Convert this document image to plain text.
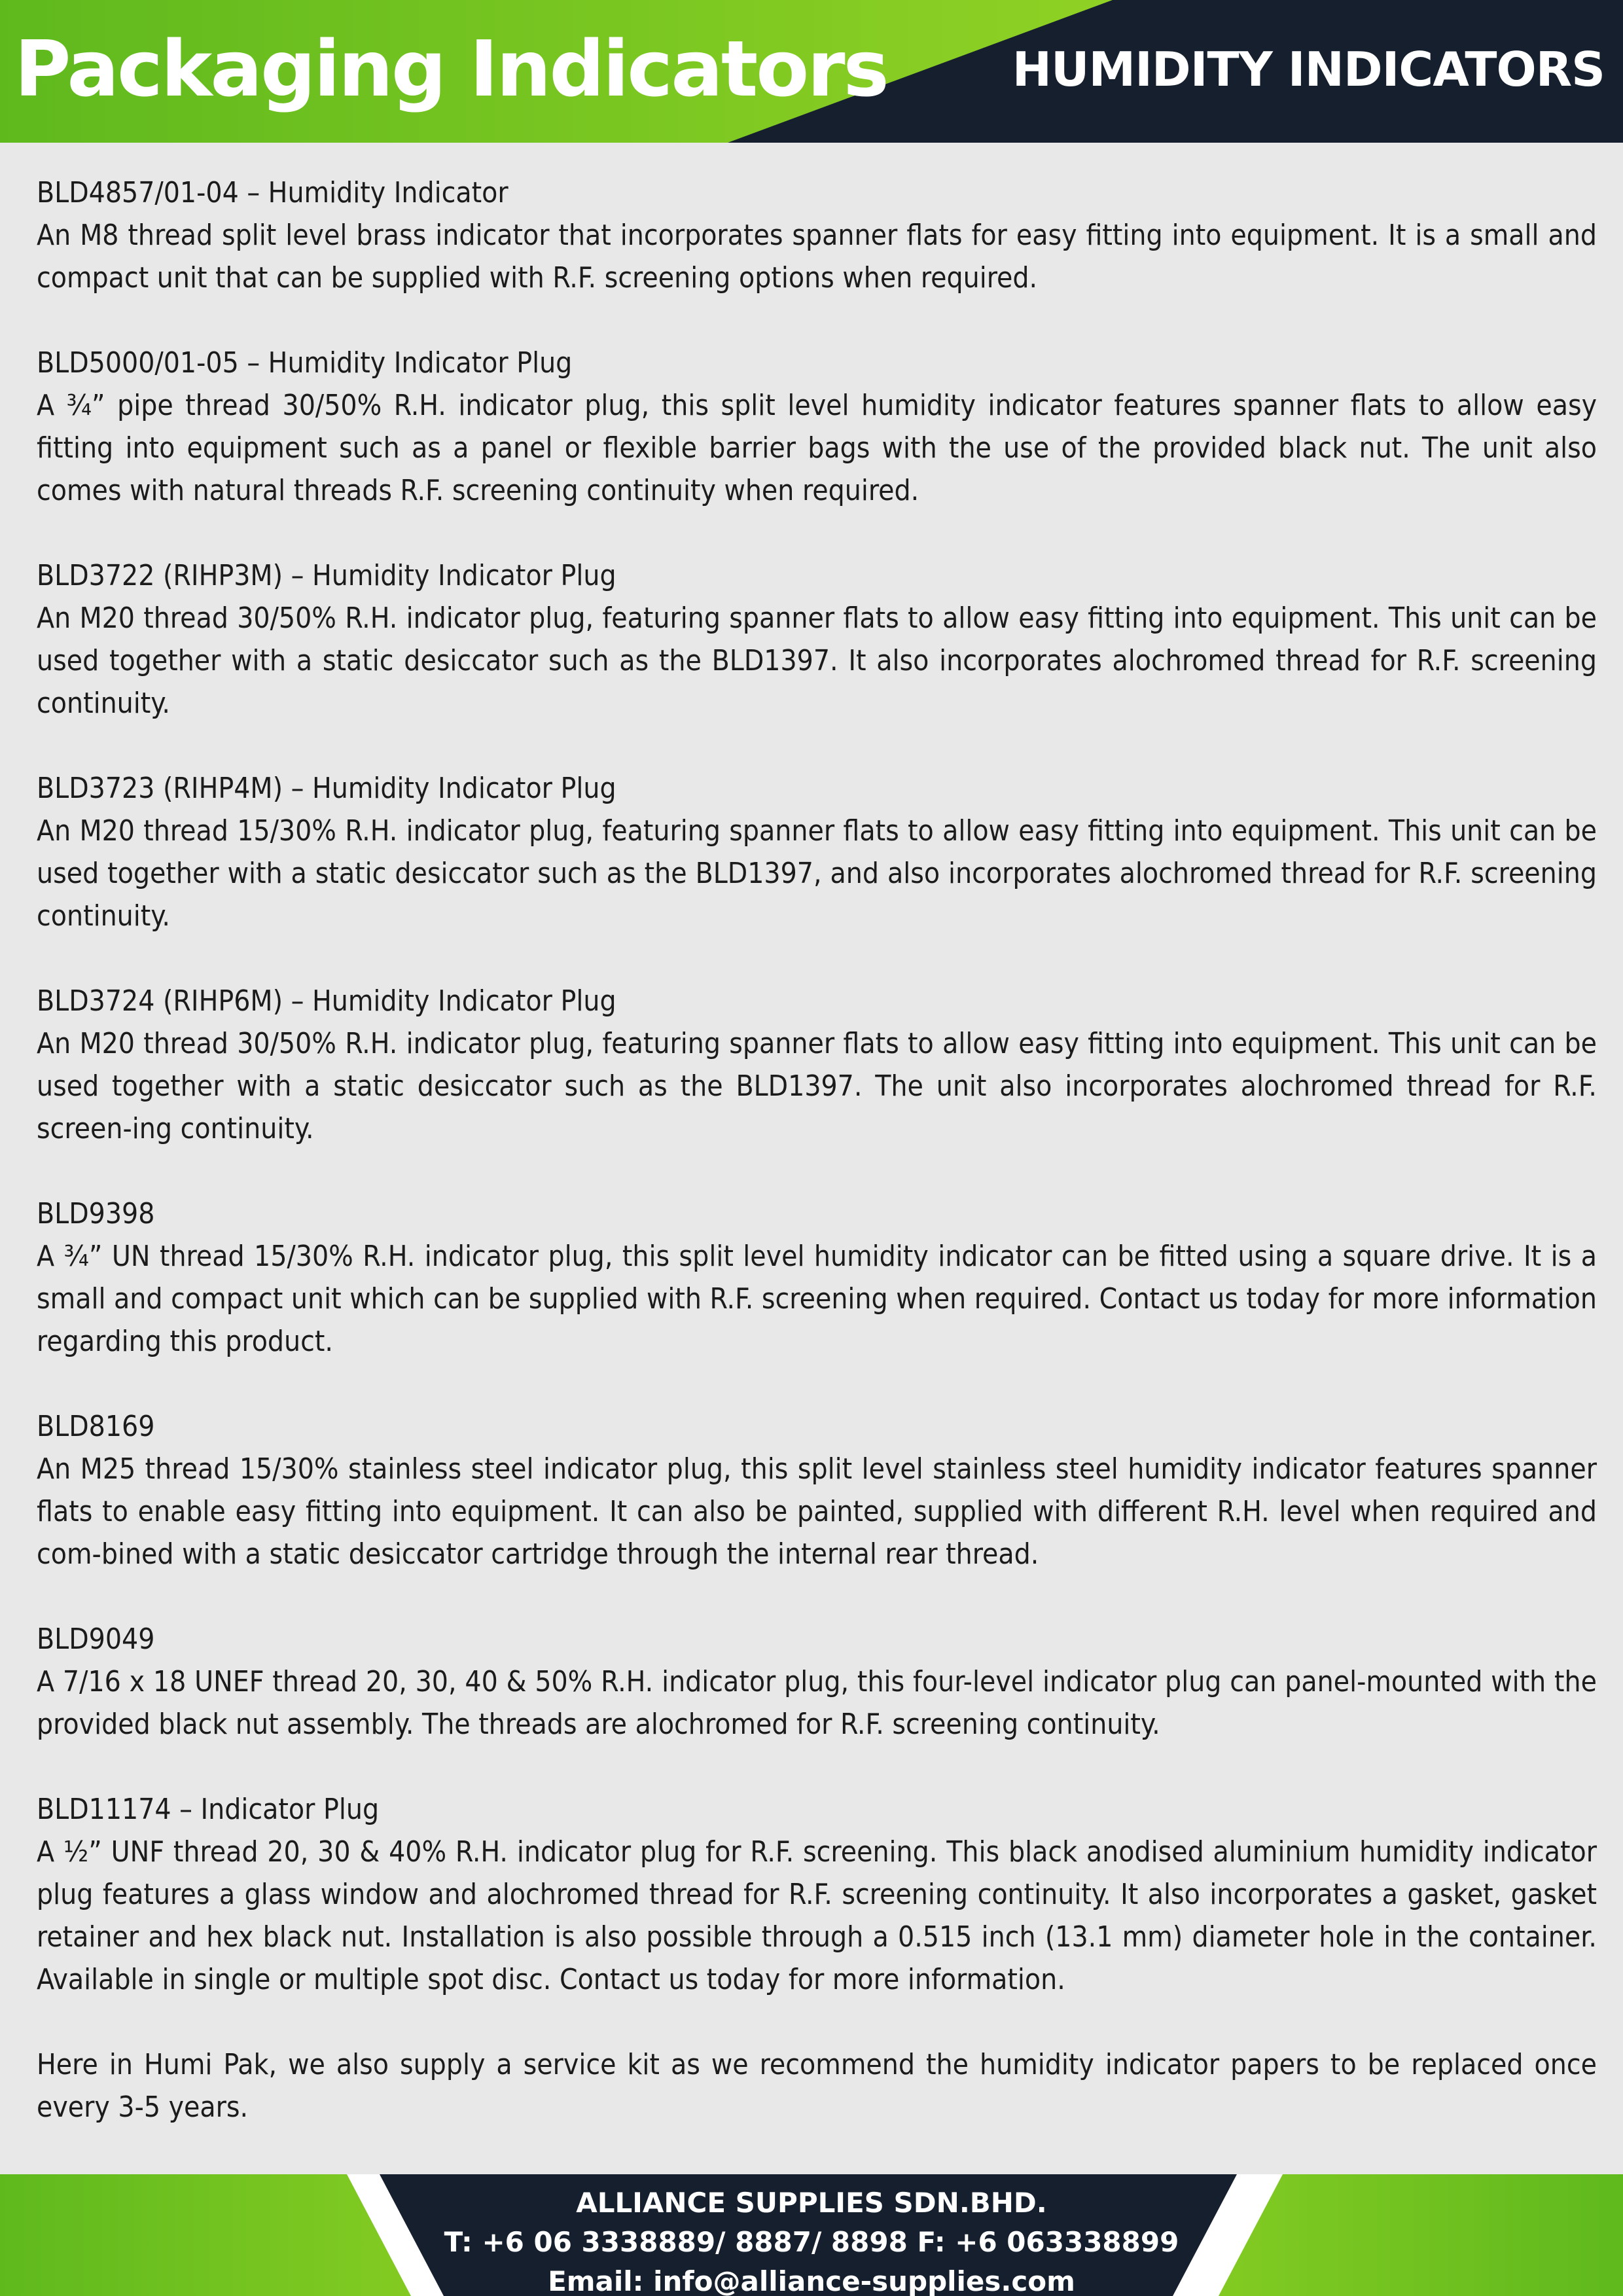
Packaging Indicators	HUMIDITY INDICATORS

BLD4857/01-04 – Humidity Indicator

An M8 thread split level brass indicator that incorporates spanner flats for easy fitting into equipment. It is a small and compact unit that can be supplied with R.F. screening options when required.

BLD5000/01-05 – Humidity Indicator Plug

A ¾” pipe thread 30/50% R.H. indicator plug, this split level humidity indicator features spanner flats to allow easy fitting into equipment such as a panel or flexible barrier bags with the use of the provided black nut. The unit also comes with natural threads R.F. screening continuity when required.

BLD3722 (RIHP3M) – Humidity Indicator Plug

An M20 thread 30/50% R.H. indicator plug, featuring spanner flats to allow easy fitting into equipment. This unit can be used together with a static desiccator such as the BLD1397. It also incorporates alochromed thread for R.F. screening continuity.

BLD3723 (RIHP4M) – Humidity Indicator Plug

An M20 thread 15/30% R.H. indicator plug, featuring spanner flats to allow easy fitting into equipment. This unit can be used together with a static desiccator such as the BLD1397, and also incorporates alochromed thread for R.F. screening continuity.

BLD3724 (RIHP6M) – Humidity Indicator Plug

An M20 thread 30/50% R.H. indicator plug, featuring spanner flats to allow easy fitting into equipment. This unit can be used together with a static desiccator such as the BLD1397. The unit also incorporates alochromed thread for R.F. screen-ing continuity.

BLD9398

A ¾” UN thread 15/30% R.H. indicator plug, this split level humidity indicator can be fitted using a square drive. It is a small and compact unit which can be supplied with R.F. screening when required. Contact us today for more information regarding this product.

BLD8169

An M25 thread 15/30% stainless steel indicator plug, this split level stainless steel humidity indicator features spanner flats to enable easy fitting into equipment. It can also be painted, supplied with different R.H. level when required and com-bined with a static desiccator cartridge through the internal rear thread.

BLD9049

A 7/16 x 18 UNEF thread 20, 30, 40 & 50% R.H. indicator plug, this four-level indicator plug can panel-mounted with the provided black nut assembly. The threads are alochromed for R.F. screening continuity.

BLD11174 – Indicator Plug

A ½” UNF thread 20, 30 & 40% R.H. indicator plug for R.F. screening. This black anodised aluminium humidity indicator plug features a glass window and alochromed thread for R.F. screening continuity. It also incorporates a gasket, gasket retainer and hex black nut. Installation is also possible through a 0.515 inch (13.1 mm) diameter hole in the container. Available in single or multiple spot disc. Contact us today for more information.

Here in Humi Pak, we also supply a service kit as we recommend the humidity indicator papers to be replaced once every 3-5 years.

ALLIANCE SUPPLIES SDN.BHD.
T: +6 06 3338889/ 8887/ 8898 F: +6 063338899
Email: info@alliance-supplies.com
